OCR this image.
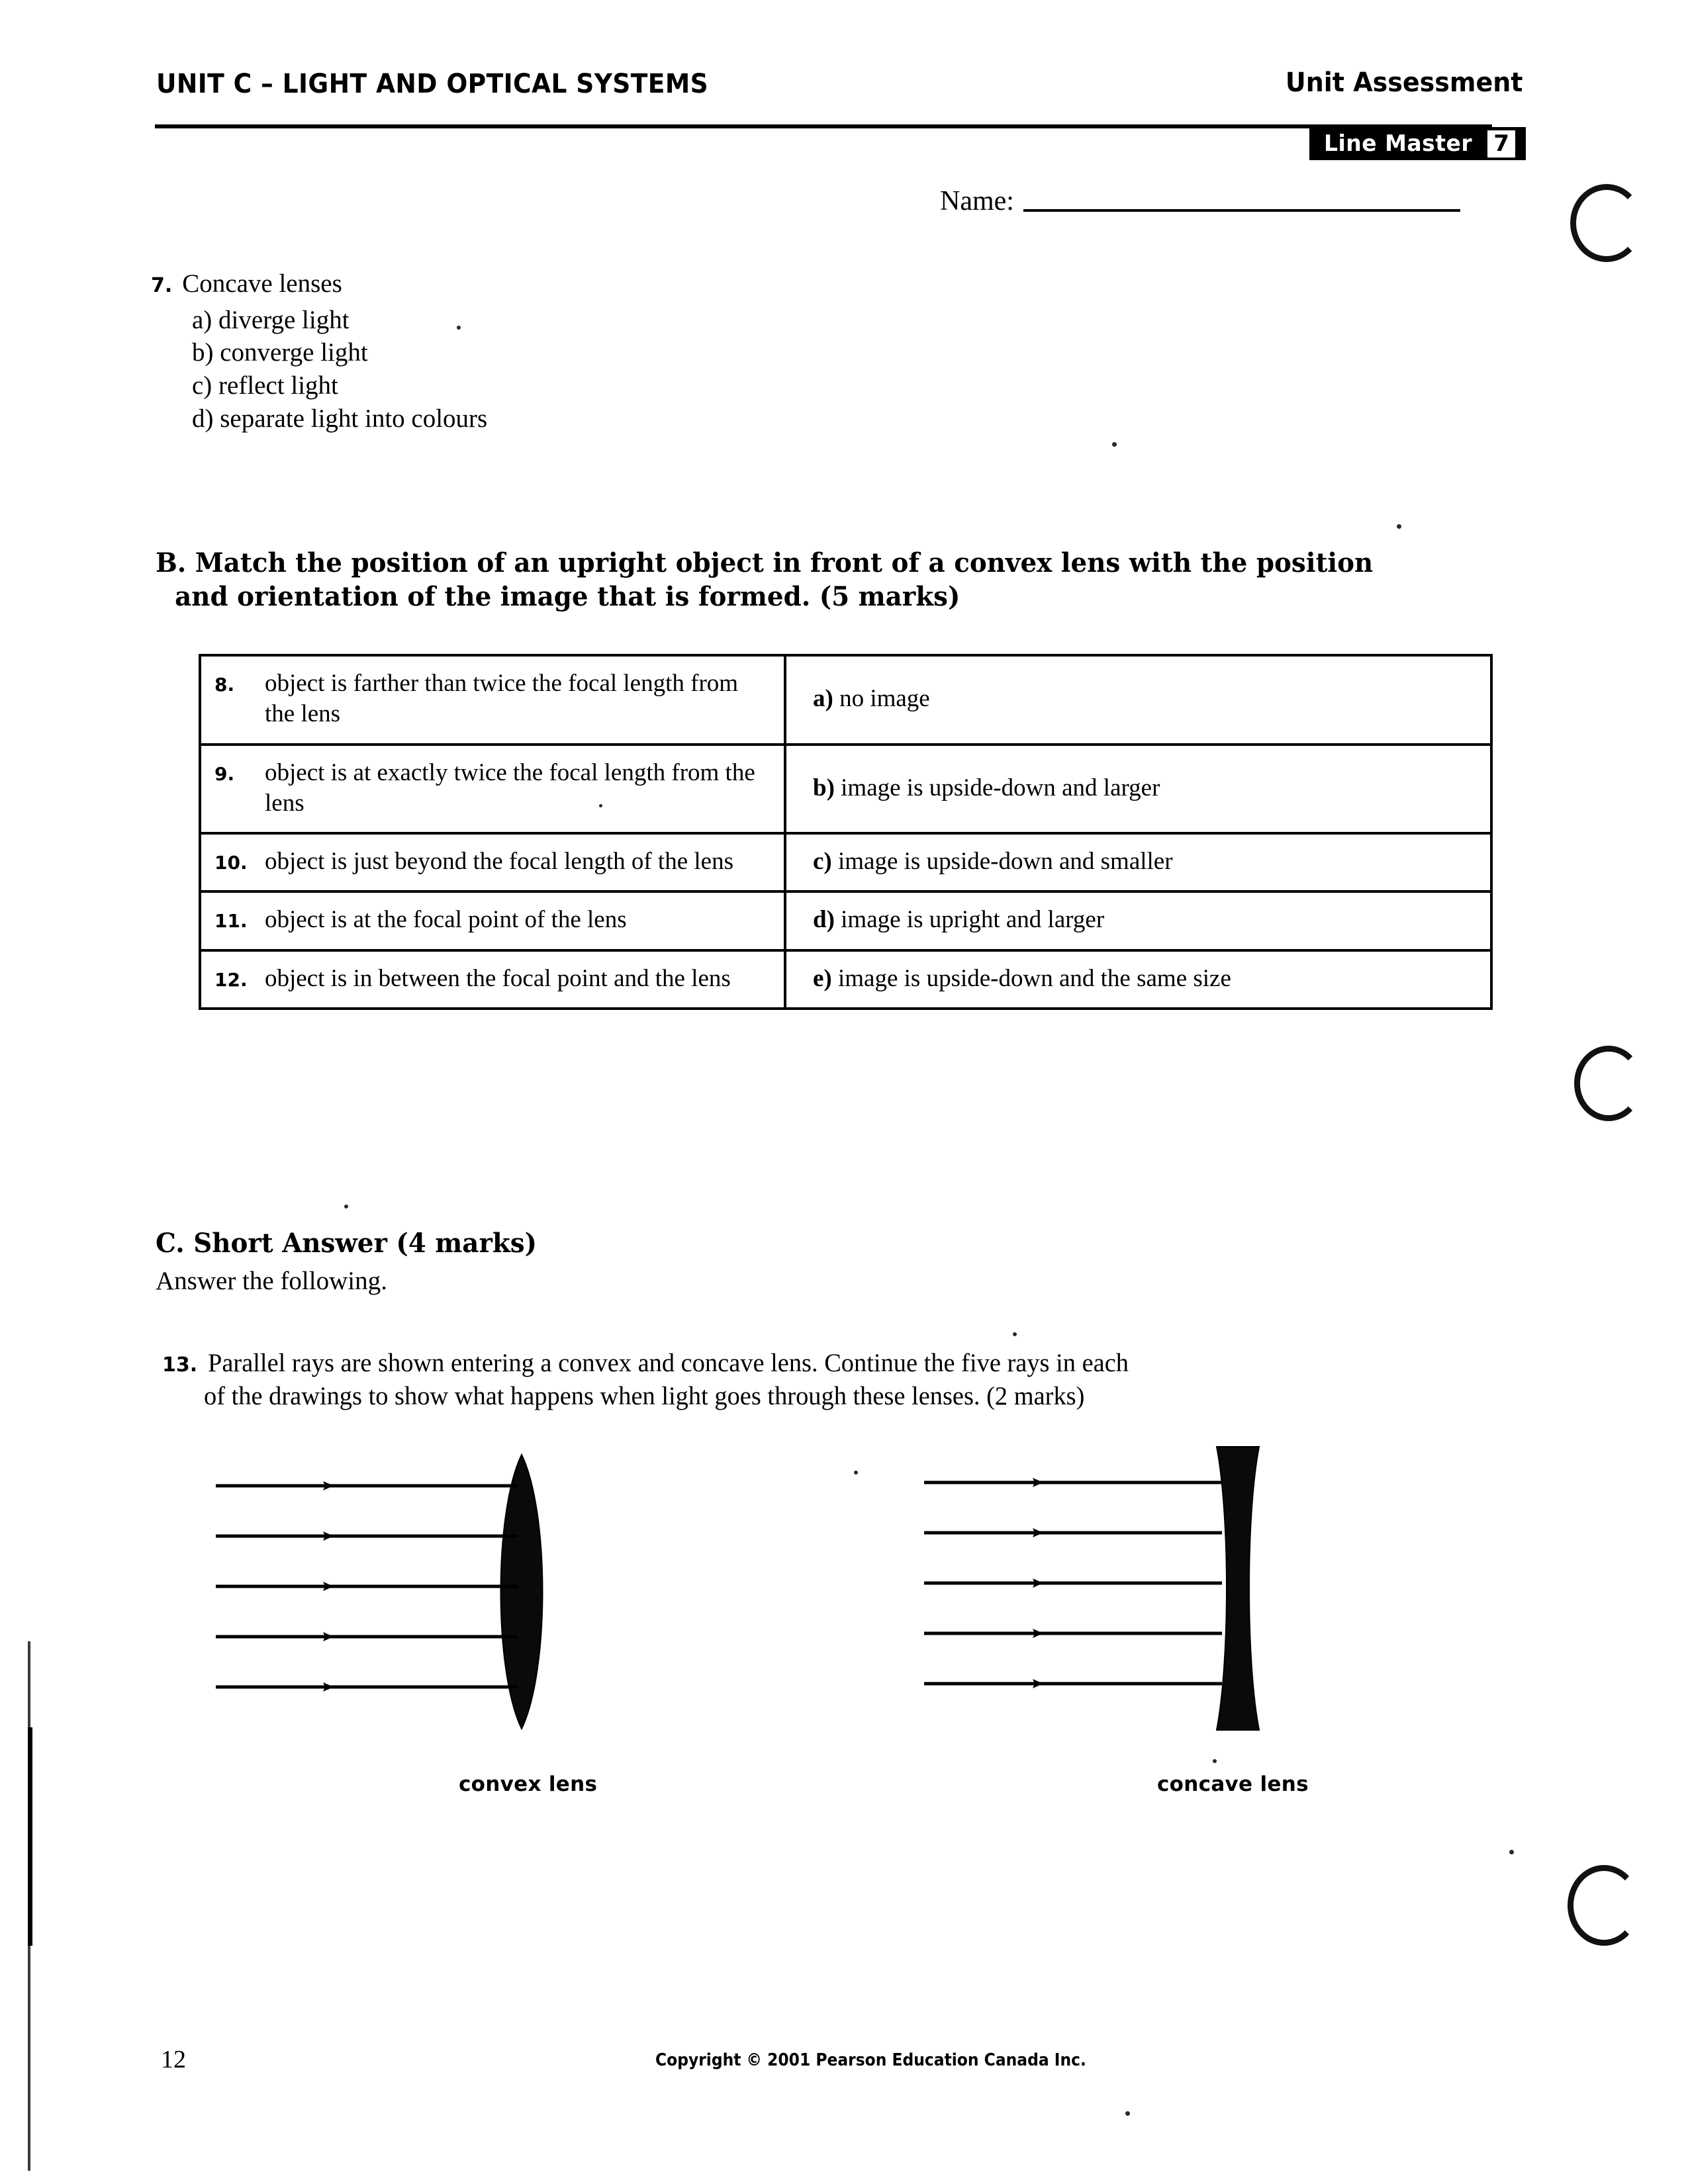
UNIT C – LIGHT AND OPTICAL SYSTEMS	Unit Assessment
Line Master 7
Name:
7. Concave lenses
a) diverge light
b) converge light
c) reflect light
d) separate light into colours
B. Match the position of an upright object in front of a convex lens with the position
and orientation of the image that is formed. (5 marks)
8. object is farther than twice the focal length from the lens	a) no image

9. object is at exactly twice the focal length from the lens	b) image is upside-down and larger

10. object is just beyond the focal length of the lens	c) image is upside-down and smaller

11. object is at the focal point of the lens	d) image is upright and larger

12. object is in between the focal point and the lens	e) image is upside-down and the same size
C. Short Answer (4 marks)
Answer the following.
13. Parallel rays are shown entering a convex and concave lens. Continue the five rays in each
of the drawings to show what happens when light goes through these lenses. (2 marks)
convex lens	concave lens
12	Copyright © 2001 Pearson Education Canada Inc.
